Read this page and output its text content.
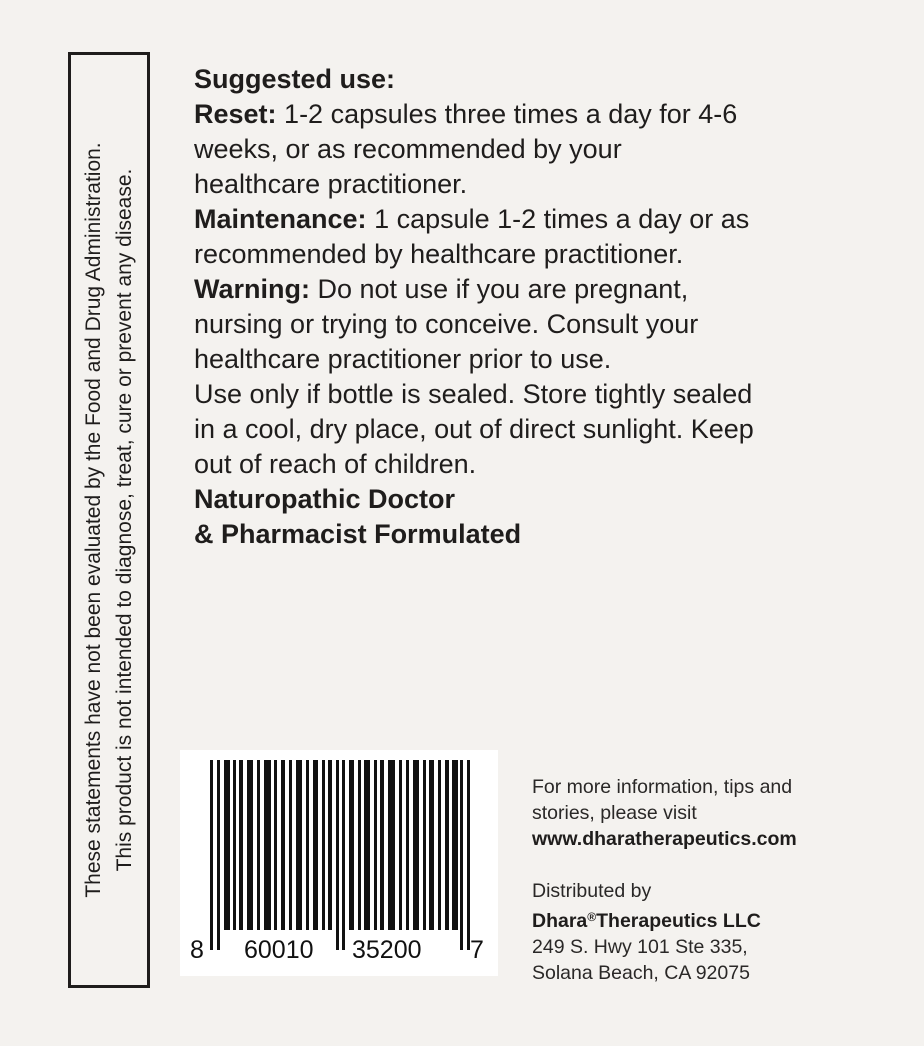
These statements have not been evaluated by the Food and Drug Administration. This product is not intended to diagnose, treat, cure or prevent any disease.

Suggested use:

Reset: 1-2 capsules three times a day for 4-6 weeks, or as recommended by your healthcare practitioner.

Maintenance: 1 capsule 1-2 times a day or as recommended by healthcare practitioner.

Warning: Do not use if you are pregnant, nursing or trying to conceive. Consult your healthcare practitioner prior to use.

Use only if bottle is sealed. Store tightly sealed in a cool, dry place, out of direct sunlight. Keep out of reach of children.

Naturopathic Doctor

& Pharmacist Formulated

8 60010 35200 7

For more information, tips and

stories, please visit

www.dharatherapeutics.com

Distributed by

Dhara®Therapeutics LLC

249 S. Hwy 101 Ste 335,

Solana Beach, CA 92075
